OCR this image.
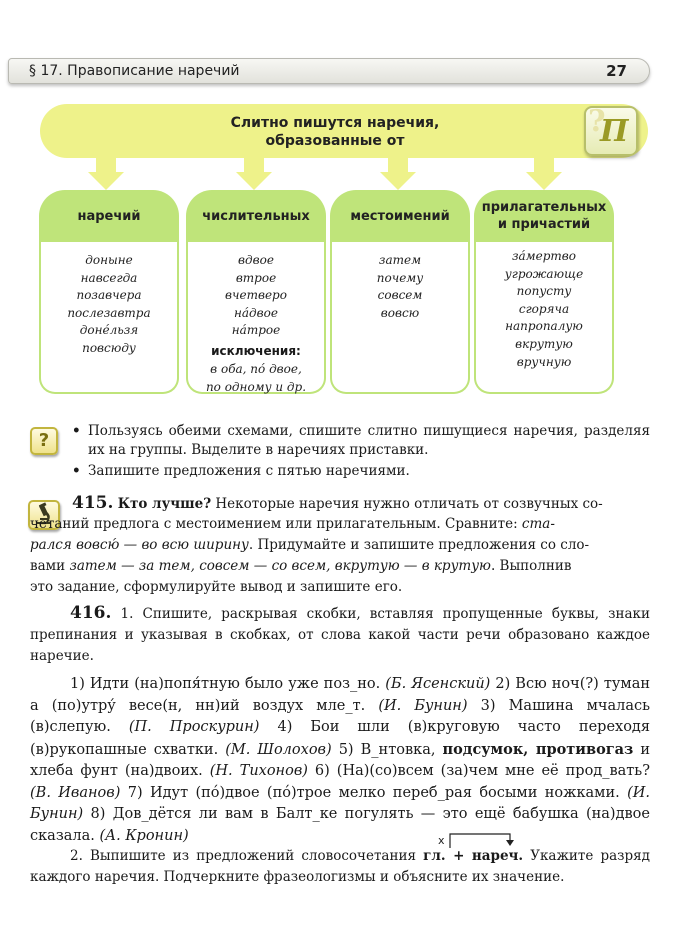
§ 17. Правописание наречий	27
Слитно пишутся наречия,
образованные от
?
П
наречий
доныне
навсегда
позавчера
послезавтра
донéльзя
повсюду
числительных
вдвое
втрое
вчетверо
нáдвое
нáтрое
исключения:
в оба, пó двое,
по одному и др.
местоимений
затем
почему
совсем
вовсю
прилагательных
и причастий
зáмертво
угрожающе
попусту
сгоряча
напропалую
вкрутую
вручную
?
•	Пользуясь обеими схемами, спишите слитно пишущиеся наречия, разделяя их на группы. Выделите в наречиях приставки.
• Запишите предложения с пятью наречиями.
415. Кто лучше? Некоторые наречия нужно отличать от созвучных со-
четаний предлога с местоимением или прилагательным. Сравните: ста-
рался вовсю́ — во всю ширину. Придумайте и запишите предложения со сло-
вами затем — за тем, совсем — со всем, вкрутую — в крутую. Выполнив
это задание, сформулируйте вывод и запишите его.
416. 1. Спишите, раскрывая скобки, вставляя пропущенные буквы, знаки препинания и указывая в скобках, от слова какой части речи образовано каждое наречие.
1) Идти (на)попя́тную было уже поз_но. (Б. Ясенский) 2) Всю ноч(?) туман а (по)утру́ весе(н, нн)ий воздух мле_т. (И. Бунин) 3) Машина мчалась (в)слепую. (П. Проскурин) 4) Бои шли (в)круговую часто переходя (в)рукопашные схватки. (М. Шолохов) 5) В_нтовка, подсумок, противогаз и хлеба фунт (на)двоих. (Н. Тихонов) 6) (На)(со)всем (за)чем мне её прод_вать? (В. Иванов) 7) Идут (пó)двое (пó)трое мелко переб_рая босыми ножками. (И. Бунин) 8) Дов_дётся ли вам в Балт_ке погулять — это ещё бабушка (на)двое сказала. (А. Кронин)	x
2. Выпишите из предложений словосочетания гл. + нареч. Укажите разряд каждого наречия. Подчеркните фразеологизмы и объясните их значение.
